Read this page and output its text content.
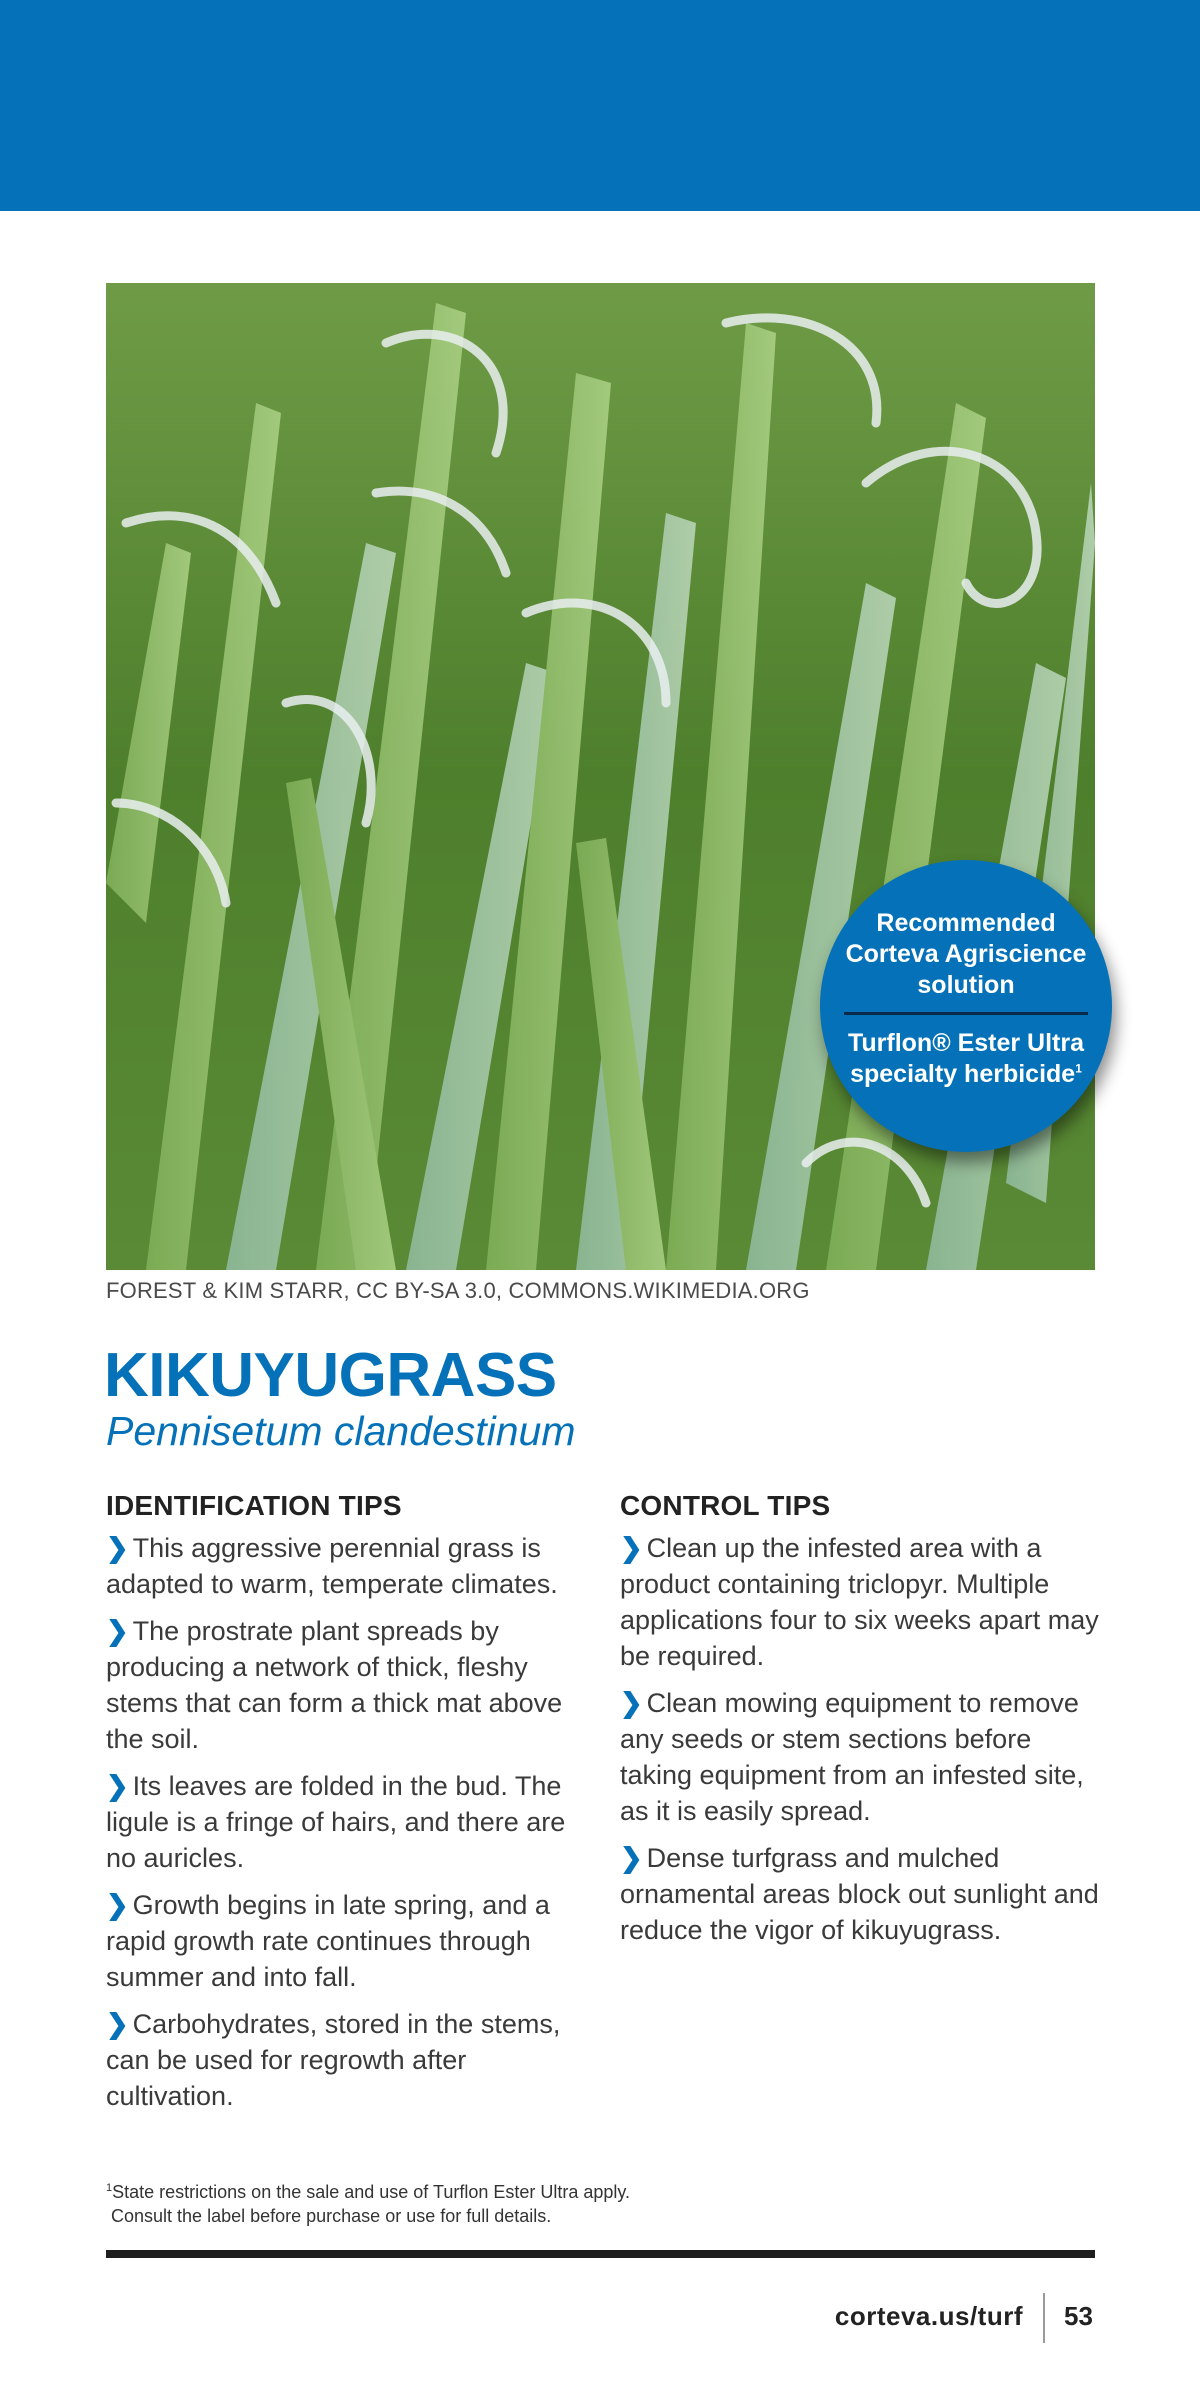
Recommended Corteva Agriscience solution
Turflon® Ester Ultra specialty herbicide$^1$
FOREST & KIM STARR, CC BY-SA 3.0, COMMONS.WIKIMEDIA.ORG
KIKUYUGRASS
Pennisetum clandestinum
IDENTIFICATION TIPS
❯ This aggressive perennial grass is adapted to warm, temperate climates.
❯ The prostrate plant spreads by producing a network of thick, fleshy stems that can form a thick mat above the soil.
❯ Its leaves are folded in the bud. The ligule is a fringe of hairs, and there are no auricles.
❯ Growth begins in late spring, and a rapid growth rate continues through summer and into fall.
❯ Carbohydrates, stored in the stems, can be used for regrowth after cultivation.
CONTROL TIPS
❯ Clean up the infested area with a product containing triclopyr. Multiple applications four to six weeks apart may be required.
❯ Clean mowing equipment to remove any seeds or stem sections before taking equipment from an infested site, as it is easily spread.
❯ Dense turfgrass and mulched ornamental areas block out sunlight and reduce the vigor of kikuyugrass.
$^1$State restrictions on the sale and use of Turflon Ester Ultra apply.
Consult the label before purchase or use for full details.
corteva.us/turf 53
